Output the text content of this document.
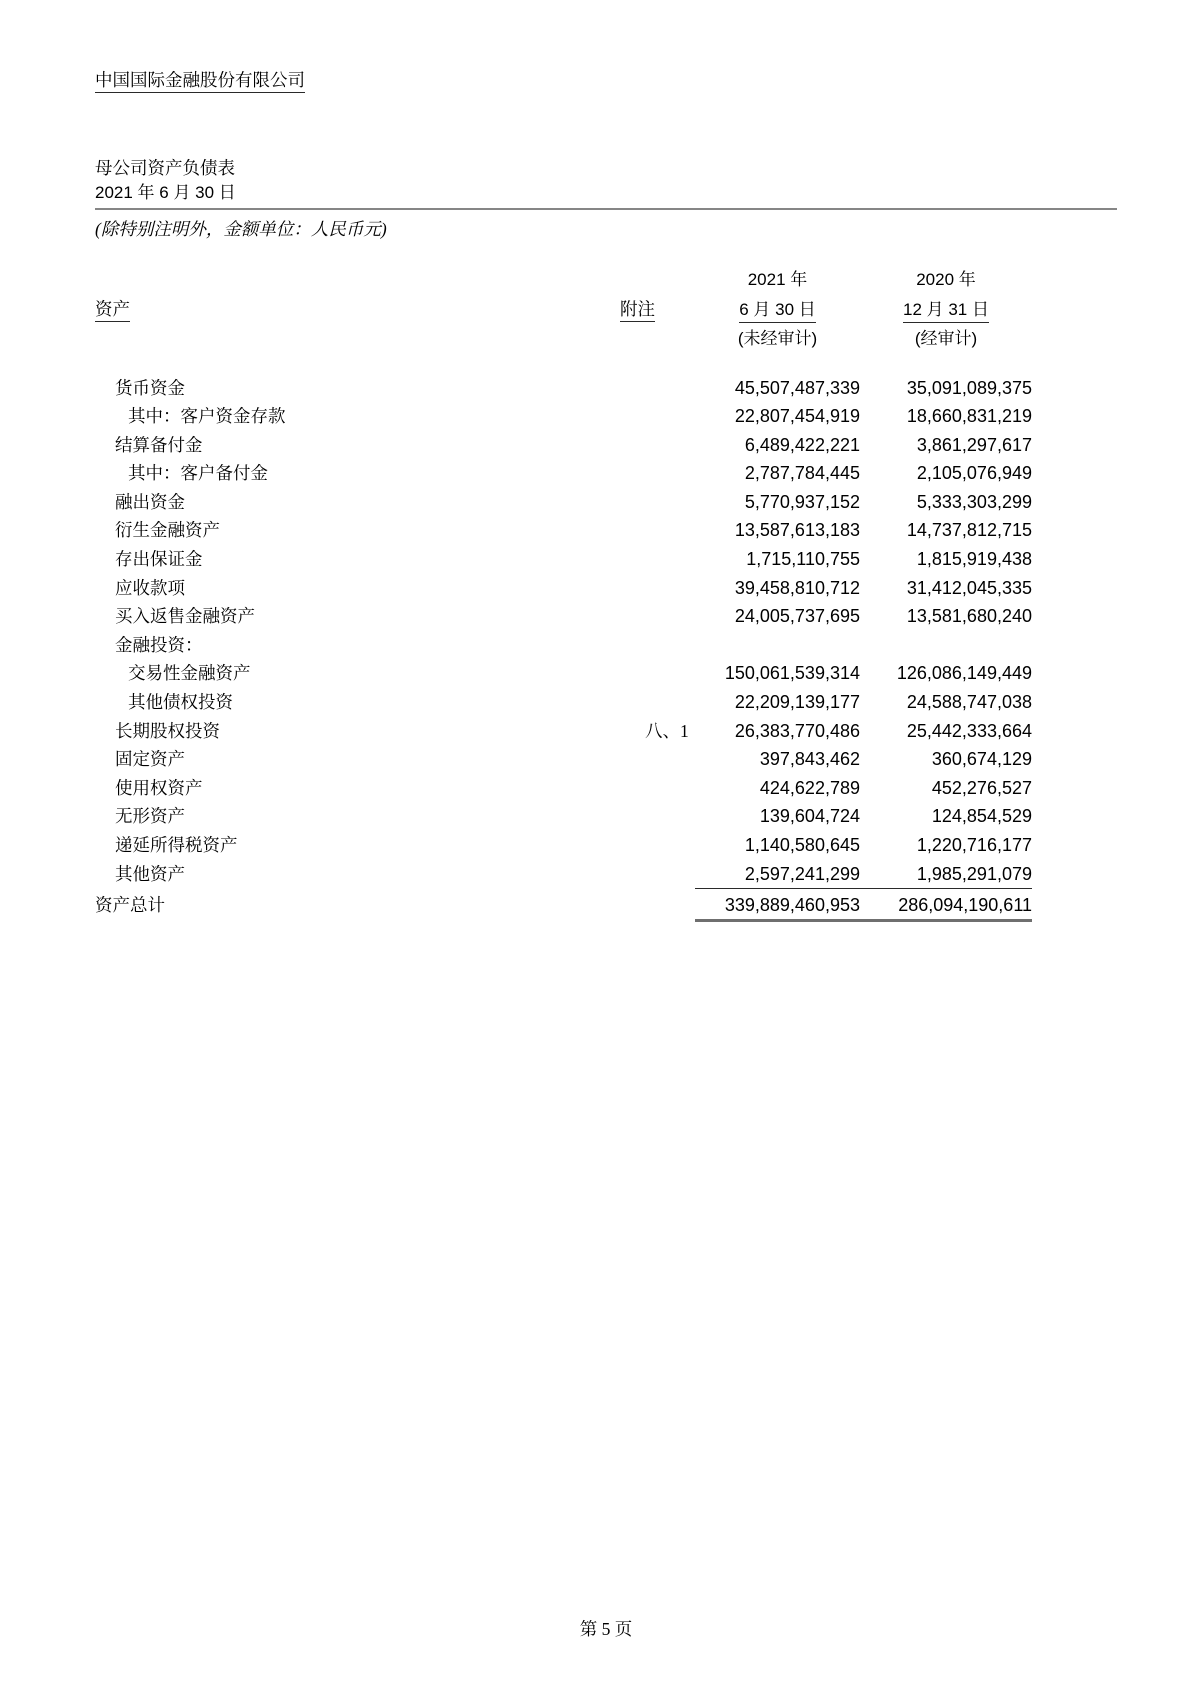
中国国际金融股份有限公司
母公司资产负债表
2021 年 6 月 30 日
(除特别注明外，金额单位：人民币元)
2021 年	2020 年
资产	附注	6 月 30 日	12 月 31 日
(未经审计)	(经审计)
货币资金	45,507,487,339	35,091,089,375
其中：客户资金存款	22,807,454,919	18,660,831,219
结算备付金	6,489,422,221	3,861,297,617
其中：客户备付金	2,787,784,445	2,105,076,949
融出资金	5,770,937,152	5,333,303,299
衍生金融资产	13,587,613,183	14,737,812,715
存出保证金	1,715,110,755	1,815,919,438
应收款项	39,458,810,712	31,412,045,335
买入返售金融资产	24,005,737,695	13,581,680,240
金融投资：
交易性金融资产	150,061,539,314	126,086,149,449
其他债权投资	22,209,139,177	24,588,747,038
长期股权投资	八、1	26,383,770,486	25,442,333,664
固定资产	397,843,462	360,674,129
使用权资产	424,622,789	452,276,527
无形资产	139,604,724	124,854,529
递延所得税资产	1,140,580,645	1,220,716,177
其他资产	2,597,241,299	1,985,291,079
资产总计	339,889,460,953	286,094,190,611
第 5 页
